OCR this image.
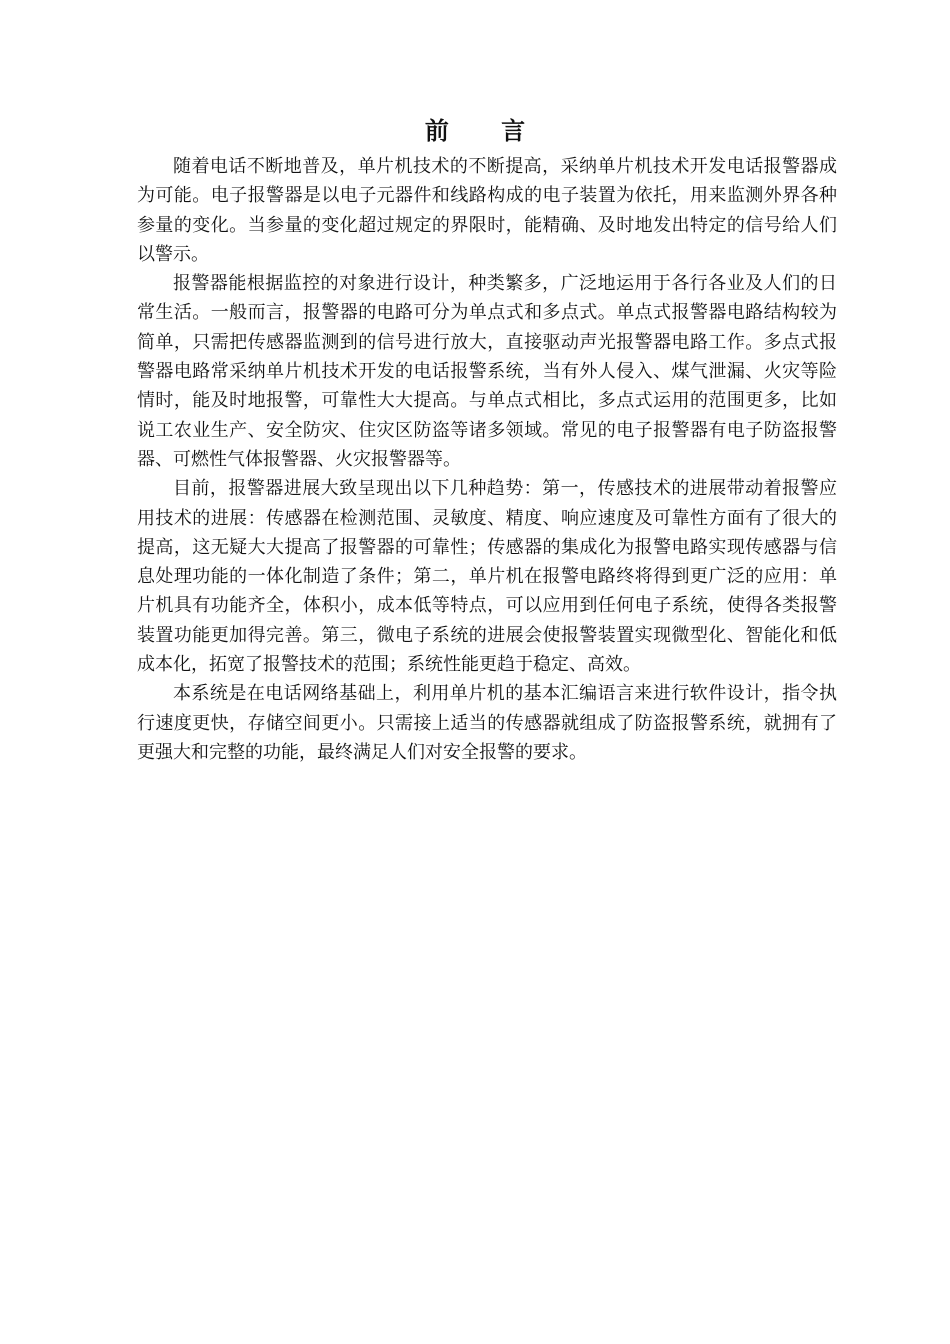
前 言

随着电话不断地普及，单片机技术的不断提高，采纳单片机技术开发电话报警器成为可能。电子报警器是以电子元器件和线路构成的电子装置为依托，用来监测外界各种参量的变化。当参量的变化超过规定的界限时，能精确、及时地发出特定的信号给人们以警示。

报警器能根据监控的对象进行设计，种类繁多，广泛地运用于各行各业及人们的日常生活。一般而言，报警器的电路可分为单点式和多点式。单点式报警器电路结构较为简单，只需把传感器监测到的信号进行放大，直接驱动声光报警器电路工作。多点式报警器电路常采纳单片机技术开发的电话报警系统，当有外人侵入、煤气泄漏、火灾等险情时，能及时地报警，可靠性大大提高。与单点式相比，多点式运用的范围更多，比如说工农业生产、安全防灾、住灾区防盗等诸多领域。常见的电子报警器有电子防盗报警器、可燃性气体报警器、火灾报警器等。

目前，报警器进展大致呈现出以下几种趋势：第一，传感技术的进展带动着报警应用技术的进展：传感器在检测范围、灵敏度、精度、响应速度及可靠性方面有了很大的提高，这无疑大大提高了报警器的可靠性；传感器的集成化为报警电路实现传感器与信息处理功能的一体化制造了条件；第二，单片机在报警电路终将得到更广泛的应用：单片机具有功能齐全，体积小，成本低等特点，可以应用到任何电子系统，使得各类报警装置功能更加得完善。第三，微电子系统的进展会使报警装置实现微型化、智能化和低成本化，拓宽了报警技术的范围；系统性能更趋于稳定、高效。

本系统是在电话网络基础上，利用单片机的基本汇编语言来进行软件设计，指令执行速度更快，存储空间更小。只需接上适当的传感器就组成了防盗报警系统，就拥有了更强大和完整的功能，最终满足人们对安全报警的要求。
